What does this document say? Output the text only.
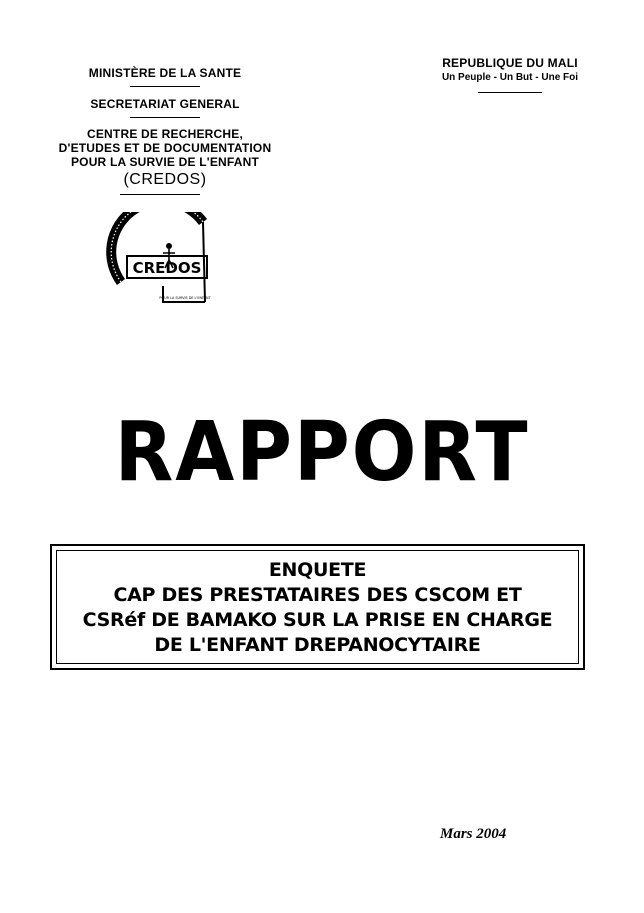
MINISTÈRE DE LA SANTE
SECRETARIAT GENERAL
CENTRE DE RECHERCHE,
D'ETUDES ET DE DOCUMENTATION
POUR LA SURVIE DE L'ENFANT
(CREDOS)
REPUBLIQUE DU MALI
Un Peuple - Un But - Une Foi
CREDOS
POUR LA SURVIE DE L'ENFANT
RAPPORT
ENQUETE
CAP DES PRESTATAIRES DES CSCOM ET
CSRéf DE BAMAKO SUR LA PRISE EN CHARGE
DE L'ENFANT DREPANOCYTAIRE
Mars 2004
